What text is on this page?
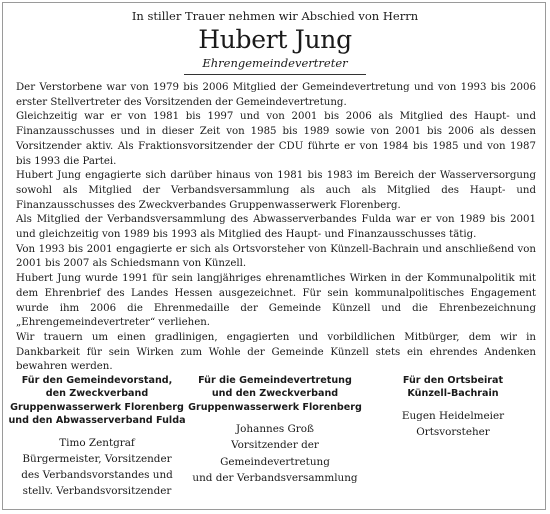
In stiller Trauer nehmen wir Abschied von Herrn
Hubert Jung
Ehrengemeindevertreter

Der Verstorbene war von 1979 bis 2006 Mitglied der Gemeindevertretung und von 1993 bis 2006 erster Stellvertreter des Vorsitzenden der Gemeindevertretung.

Gleichzeitig war er von 1981 bis 1997 und von 2001 bis 2006 als Mitglied des Haupt- und Finanzausschusses und in dieser Zeit von 1985 bis 1989 sowie von 2001 bis 2006 als dessen Vorsitzender aktiv. Als Fraktionsvorsitzender der CDU führte er von 1984 bis 1985 und von 1987 bis 1993 die Partei.

Hubert Jung engagierte sich darüber hinaus von 1981 bis 1983 im Bereich der Wasserversorgung sowohl als Mitglied der Verbandsversammlung als auch als Mitglied des Haupt- und Finanzausschusses des Zweckverbandes Gruppenwasserwerk Florenberg.

Als Mitglied der Verbandsversammlung des Abwasserverbandes Fulda war er von 1989 bis 2001 und gleichzeitig von 1989 bis 1993 als Mitglied des Haupt- und Finanzausschusses tätig.

Von 1993 bis 2001 engagierte er sich als Ortsvorsteher von Künzell-Bachrain und anschließend von 2001 bis 2007 als Schiedsmann von Künzell.

Hubert Jung wurde 1991 für sein langjähriges ehrenamtliches Wirken in der Kommunalpolitik mit dem Ehrenbrief des Landes Hessen ausgezeichnet. Für sein kommunalpolitisches Engagement wurde ihm 2006 die Ehrenmedaille der Gemeinde Künzell und die Ehrenbezeichnung „Ehrengemeindevertreter“ verliehen.

Wir trauern um einen gradlinigen, engagierten und vorbildlichen Mitbürger, dem wir in Dankbarkeit für sein Wirken zum Wohle der Gemeinde Künzell stets ein ehrendes Andenken bewahren werden.

Für den Gemeindevorstand,
den Zweckverband
Gruppenwasserwerk Florenberg
und den Abwasserverband Fulda
Timo Zentgraf
Bürgermeister, Vorsitzender
des Verbandsvorstandes und
stellv. Verbandsvorsitzender
Für die Gemeindevertretung
und den Zweckverband
Gruppenwasserwerk Florenberg
Johannes Groß
Vorsitzender der
Gemeindevertretung
und der Verbandsversammlung
Für den Ortsbeirat
Künzell-Bachrain
Eugen Heidelmeier
Ortsvorsteher
